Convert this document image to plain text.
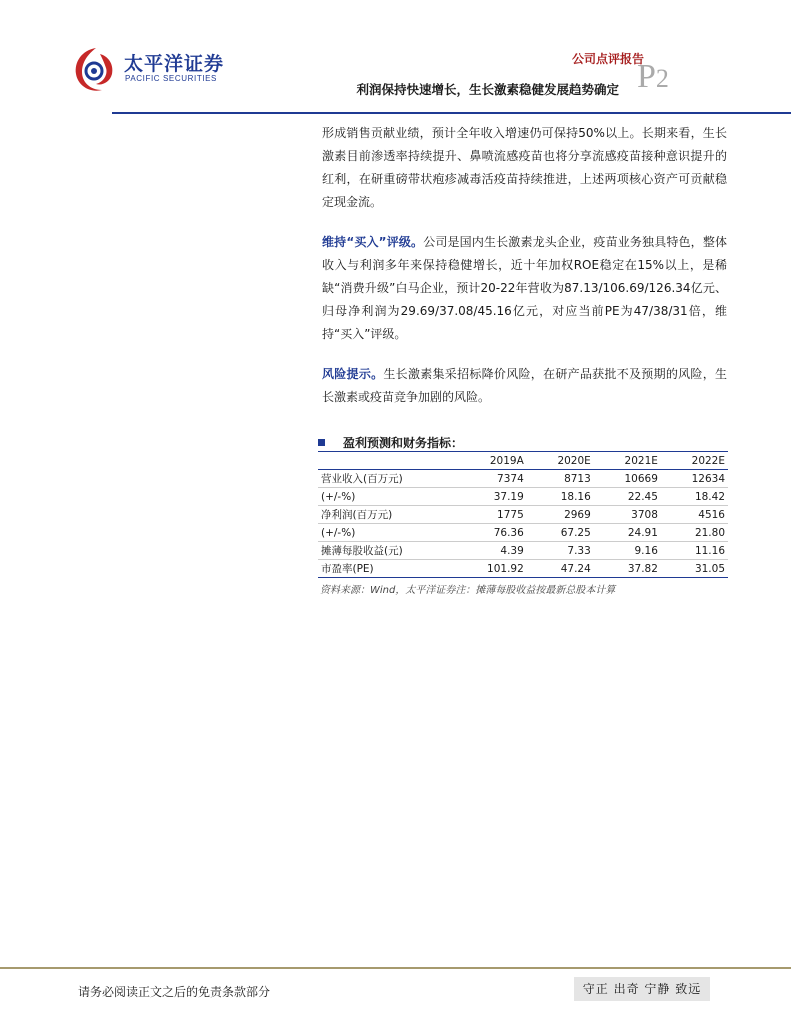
太平洋证券
PACIFIC SECURITIES
公司点评报告
利润保持快速增长，生长激素稳健发展趋势确定 P2

形成销售贡献业绩，预计全年收入增速仍可保持50%以上。长期来看，生长激素目前渗透率持续提升、鼻喷流感疫苗也将分享流感疫苗接种意识提升的红利，在研重磅带状疱疹减毒活疫苗持续推进，上述两项核心资产可贡献稳定现金流。

维持“买入”评级。公司是国内生长激素龙头企业，疫苗业务独具特色，整体收入与利润多年来保持稳健增长，近十年加权ROE稳定在15%以上，是稀缺“消费升级”白马企业，预计20-22年营收为87.13/106.69/126.34亿元、归母净利润为29.69/37.08/45.16亿元，对应当前PE为47/38/31倍，维持“买入”评级。

风险提示。生长激素集采招标降价风险，在研产品获批不及预期的风险，生长激素或疫苗竞争加剧的风险。

盈利预测和财务指标：
	2019A	2020E	2021E	2022E
营业收入(百万元)	7374	8713	10669	12634
(+/-%)	37.19	18.16	22.45	18.42
净利润(百万元)	1775	2969	3708	4516
(+/-%)	76.36	67.25	24.91	21.80
摊薄每股收益(元)	4.39	7.33	9.16	11.16
市盈率(PE)	101.92	47.24	37.82	31.05
资料来源：Wind，太平洋证券注：摊薄每股收益按最新总股本计算
请务必阅读正文之后的免责条款部分	守正 出奇 宁静 致远
